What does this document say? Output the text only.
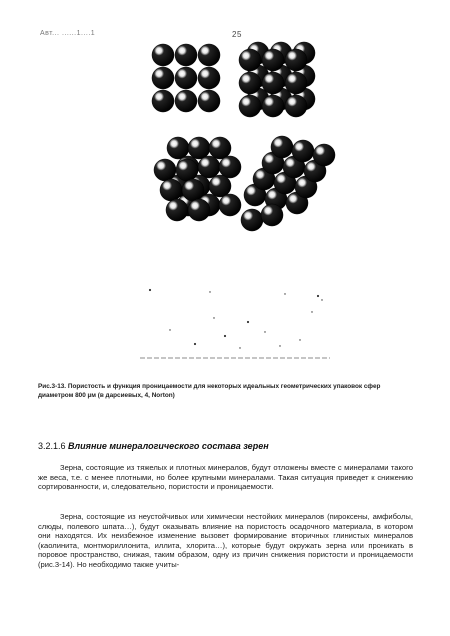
Авт... ......1....1	25
Рис.3-13. Пористость и функция проницаемости для некоторых идеальных геометрических упаковок сфер диаметром 800 µм (в дарсиевых, 4, Norton)
3.2.1.6 Влияние минералогического состава зерен

Зерна, состоящие из тяжелых и плотных минералов, будут отложены вместе с минералами такого же веса, т.е. с менее плотными, но более крупными минералами. Такая ситуация приведет к снижению сортированности, и, следовательно, пористости и проницаемости.

Зерна, состоящие из неустойчивых или химически нестойких минералов (пироксены, амфиболы, слюды, полевого шпата…), будут оказывать влияние на пористость осадочного материала, в котором они находятся. Их неизбежное изменение вызовет формирование вторичных глинистых минералов (каолинита, монтмориллонита, иллита, хлорита…), которые будут окружать зерна или проникать в поровое пространство, снижая, таким образом, одну из причин снижения пористости и проницаемости (рис.3-14). Но необходимо также учиты-
